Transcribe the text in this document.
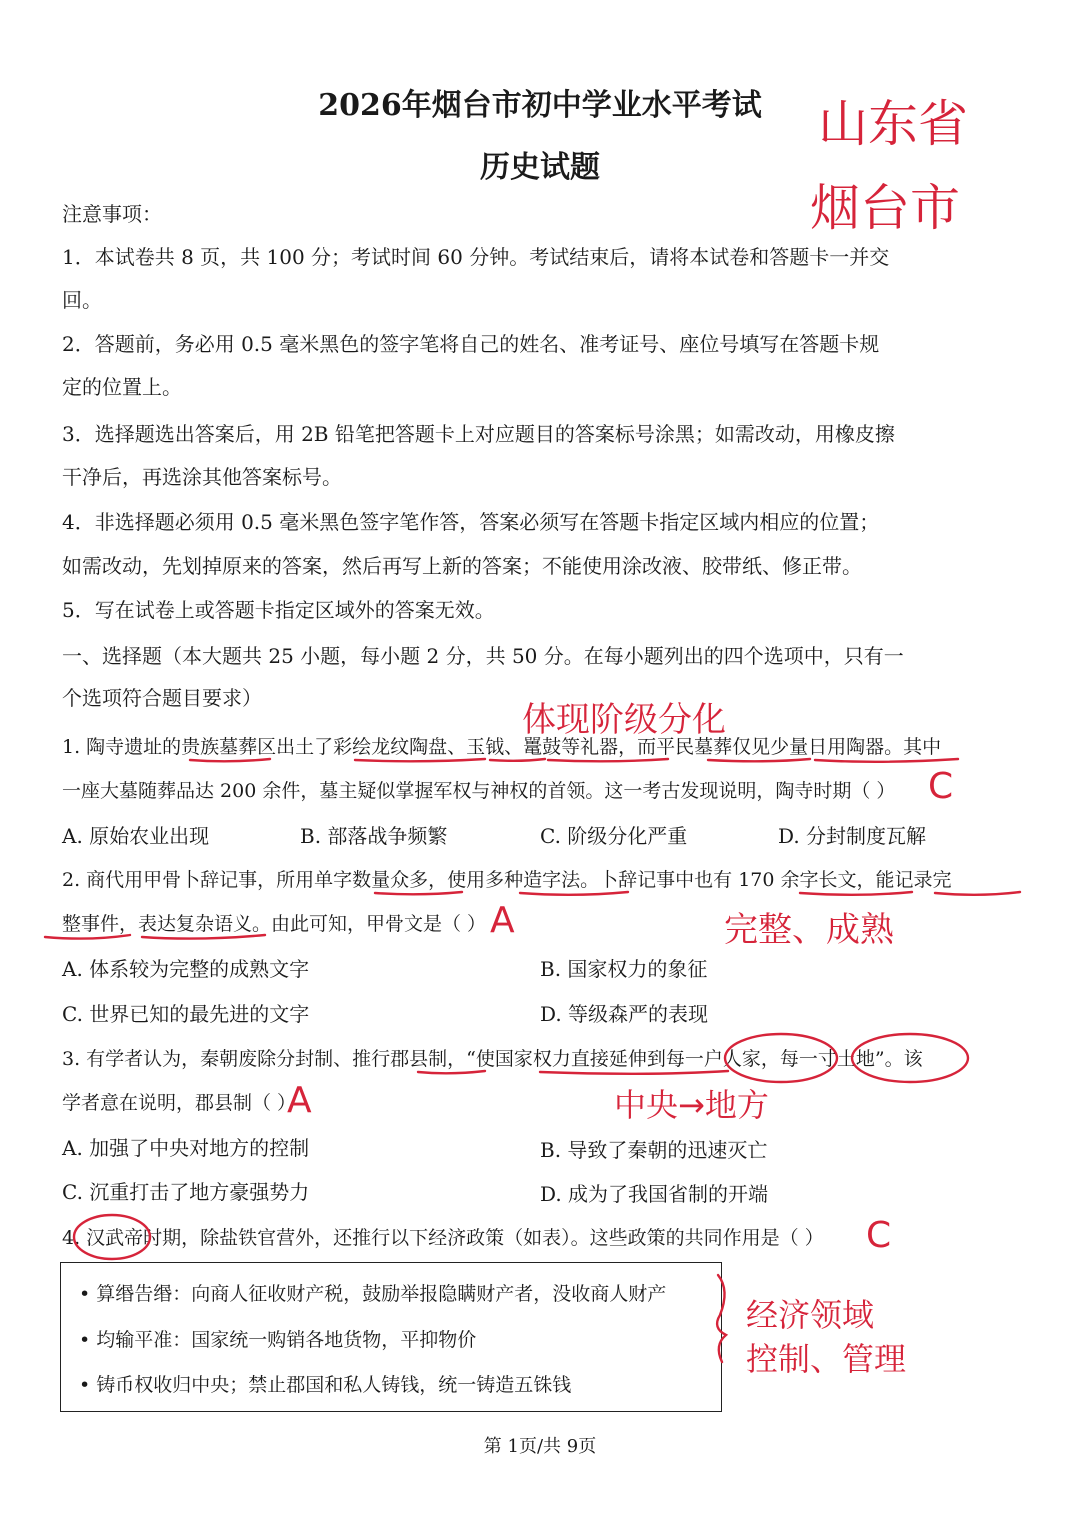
2026年烟台市初中学业水平考试
历史试题
山东省
烟台市
注意事项：
1．本试卷共 8 页，共 100 分；考试时间 60 分钟。考试结束后，请将本试卷和答题卡一并交
回。
2．答题前，务必用 0.5 毫米黑色的签字笔将自己的姓名、准考证号、座位号填写在答题卡规
定的位置上。
3．选择题选出答案后，用 2B 铅笔把答题卡上对应题目的答案标号涂黑；如需改动，用橡皮擦
干净后，再选涂其他答案标号。
4．非选择题必须用 0.5 毫米黑色签字笔作答，答案必须写在答题卡指定区域内相应的位置；
如需改动，先划掉原来的答案，然后再写上新的答案；不能使用涂改液、胶带纸、修正带。
5．写在试卷上或答题卡指定区域外的答案无效。
一、选择题（本大题共 25 小题，每小题 2 分，共 50 分。在每小题列出的四个选项中，只有一
个选项符合题目要求）
体现阶级分化
1. 陶寺遗址的贵族墓葬区出土了彩绘龙纹陶盘、玉钺、鼍鼓等礼器，而平民墓葬仅见少量日用陶器。其中
一座大墓随葬品达 200 余件，墓主疑似掌握军权与神权的首领。这一考古发现说明，陶寺时期（ ） C
A. 原始农业出现	B. 部落战争频繁	C. 阶级分化严重	D. 分封制度瓦解
2. 商代用甲骨卜辞记事，所用单字数量众多，使用多种造字法。卜辞记事中也有 170 余字长文，能记录完
整事件，表达复杂语义。由此可知，甲骨文是（ ） A	完整、成熟
A. 体系较为完整的成熟文字	B. 国家权力的象征
C. 世界已知的最先进的文字	D. 等级森严的表现
3. 有学者认为，秦朝废除分封制、推行郡县制，“使国家权力直接延伸到每一户人家，每一寸土地”。该
学者意在说明，郡县制（ ）
A	中央→地方
A. 加强了中央对地方的控制	B. 导致了秦朝的迅速灭亡
C. 沉重打击了地方豪强势力	D. 成为了我国省制的开端
4. 汉武帝时期，除盐铁官营外，还推行以下经济政策（如表）。这些政策的共同作用是（ ） C
• 算缗告缗：向商人征收财产税，鼓励举报隐瞒财产者，没收商人财产
• 均输平准：国家统一购销各地货物，平抑物价
• 铸币权收归中央；禁止郡国和私人铸钱，统一铸造五铢钱
经济领域
控制、管理
第 1页/共 9页
